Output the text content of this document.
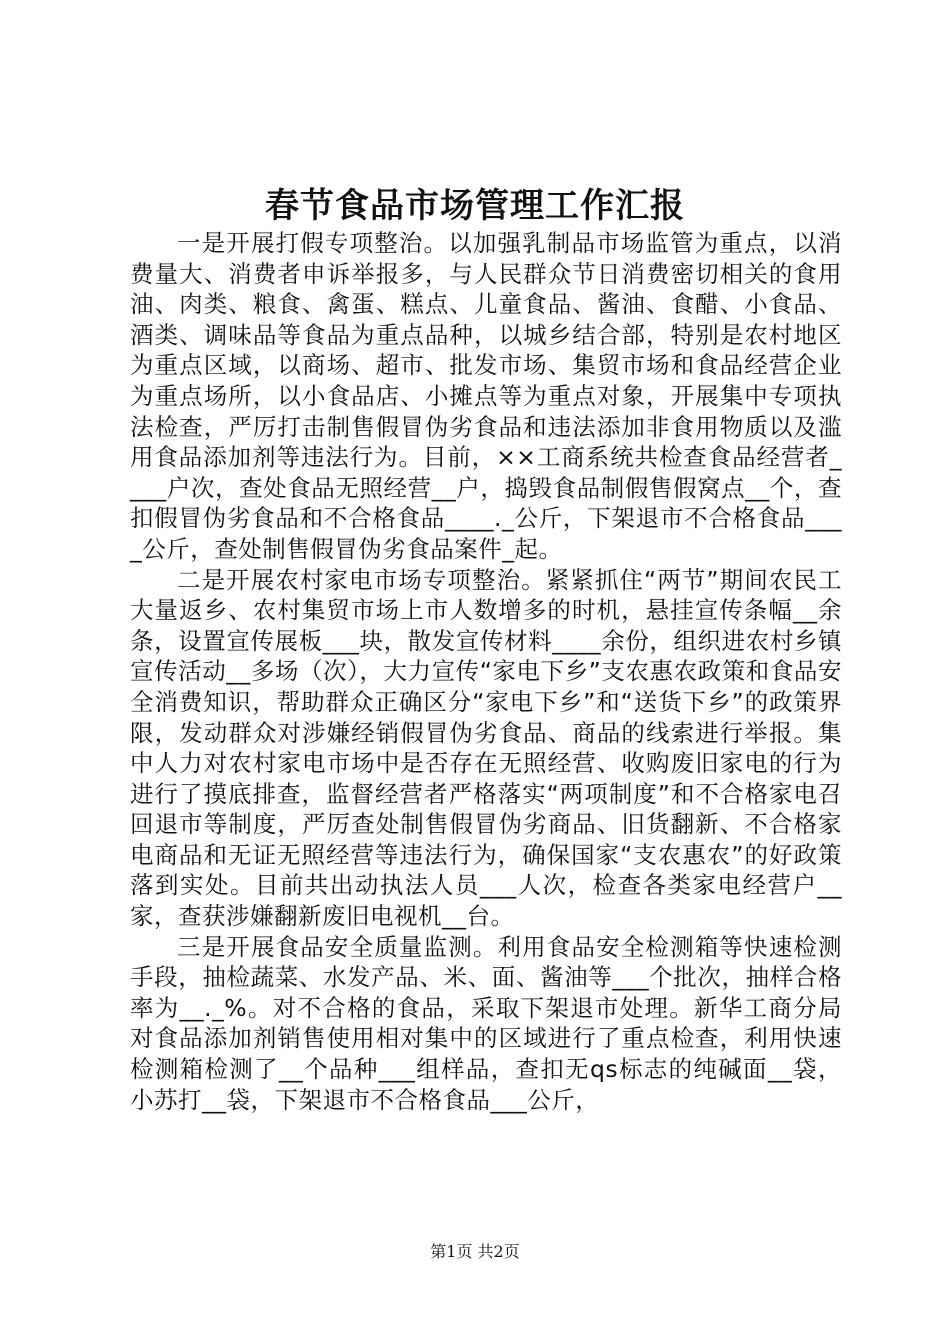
春节食品市场管理工作汇报

一是开展打假专项整治。以加强乳制品市场监管为重点，以消费量大、消费者申诉举报多，与人民群众节日消费密切相关的食用油、肉类、粮食、禽蛋、糕点、儿童食品、酱油、食醋、小食品、酒类、调味品等食品为重点品种，以城乡结合部，特别是农村地区为重点区域，以商场、超市、批发市场、集贸市场和食品经营企业为重点场所，以小食品店、小摊点等为重点对象，开展集中专项执法检查，严厉打击制售假冒伪劣食品和违法添加非食用物质以及滥用食品添加剂等违法行为。目前，××工商系统共检查食品经营者____户次，查处食品无照经营__户，捣毁食品制假售假窝点__个，查扣假冒伪劣食品和不合格食品____._公斤，下架退市不合格食品____公斤，查处制售假冒伪劣食品案件_起。

二是开展农村家电市场专项整治。紧紧抓住“两节”期间农民工大量返乡、农村集贸市场上市人数增多的时机，悬挂宣传条幅__余条，设置宣传展板___块，散发宣传材料____余份，组织进农村乡镇宣传活动__多场（次），大力宣传“家电下乡”支农惠农政策和食品安全消费知识，帮助群众正确区分“家电下乡”和“送货下乡”的政策界限，发动群众对涉嫌经销假冒伪劣食品、商品的线索进行举报。集中人力对农村家电市场中是否存在无照经营、收购废旧家电的行为进行了摸底排查，监督经营者严格落实“两项制度”和不合格家电召回退市等制度，严厉查处制售假冒伪劣商品、旧货翻新、不合格家电商品和无证无照经营等违法行为，确保国家“支农惠农”的好政策落到实处。目前共出动执法人员___人次，检查各类家电经营户__家，查获涉嫌翻新废旧电视机__台。

三是开展食品安全质量监测。利用食品安全检测箱等快速检测手段，抽检蔬菜、水发产品、米、面、酱油等___个批次，抽样合格率为__._%。对不合格的食品，采取下架退市处理。新华工商分局对食品添加剂销售使用相对集中的区域进行了重点检查，利用快速检测箱检测了__个品种___组样品，查扣无qs标志的纯碱面__袋，小苏打__袋，下架退市不合格食品___公斤，

第1页 共2页
